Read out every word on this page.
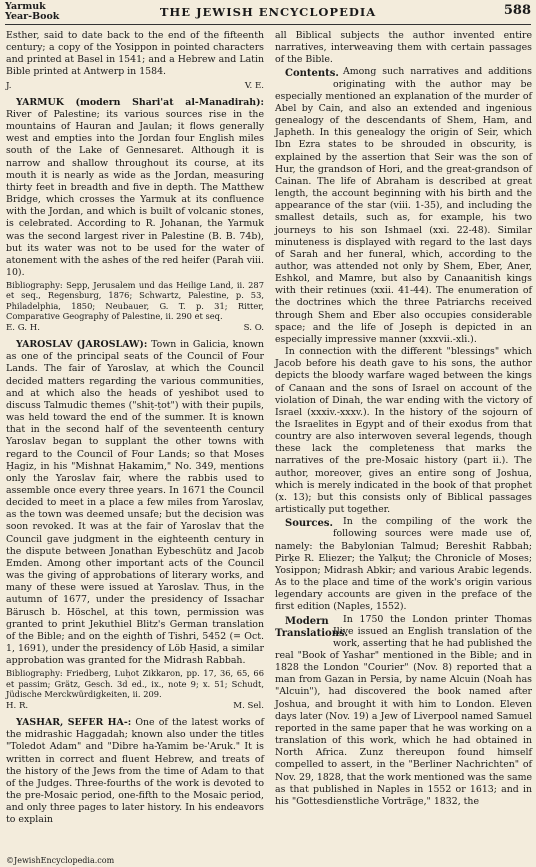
Yarmuk
Year-Book	THE JEWISH ENCYCLOPEDIA	588

Esther, said to date back to the end of the fifteenth century; a copy of the Yosippon in pointed characters and printed at Basel in 1541; and a Hebrew and Latin Bible printed at Antwerp in 1584.

J.	V. E.

YARMUK (modern Shari'at al-Manadirah): River of Palestine; its various sources rise in the mountains of Hauran and Jaulan; it flows generally west and empties into the Jordan four English miles south of the Lake of Gennesaret. Although it is narrow and shallow throughout its course, at its mouth it is nearly as wide as the Jordan, measuring thirty feet in breadth and five in depth. The Matthew Bridge, which crosses the Yarmuk at its confluence with the Jordan, and which is built of volcanic stones, is celebrated. According to R. Johanan, the Yarmuk was the second largest river in Palestine (B. B. 74b), but its water was not to be used for the water of atonement with the ashes of the red heifer (Parah viii. 10).

Bibliography: Sepp, Jerusalem und das Heilige Land, ii. 287 et seq., Regensburg, 1876; Schwartz, Palestine, p. 53, Philadelphia, 1850; Neubauer, G. T. p. 31; Ritter, Comparative Geography of Palestine, ii. 290 et seq.

E. G. H.	S. O.

YAROSLAV (JAROSLAW): Town in Galicia, known as one of the principal seats of the Council of Four Lands. The fair of Yaroslav, at which the Council decided matters regarding the various communities, and at which also the heads of yeshibot used to discuss Talmudic themes ("shiṭ-ṭot") with their pupils, was held toward the end of the summer. It is known that in the second half of the seventeenth century Yaroslav began to supplant the other towns with regard to the Council of Four Lands; so that Moses Ḥagiz, in his "Mishnat Ḥakamim," No. 349, mentions only the Yaroslav fair, where the rabbis used to assemble once every three years. In 1671 the Council decided to meet in a place a few miles from Yaroslav, as the town was deemed unsafe; but the decision was soon revoked. It was at the fair of Yaroslav that the Council gave judgment in the eighteenth century in the dispute between Jonathan Eybeschütz and Jacob Emden. Among other important acts of the Council was the giving of approbations of literary works, and many of these were issued at Yaroslav. Thus, in the autumn of 1677, under the presidency of Issachar Bärusch b. Höschel, at this town, permission was granted to print Jekuthiel Blitz's German translation of the Bible; and on the eighth of Tishri, 5452 (= Oct. 1, 1691), under the presidency of Löb Ḥasid, a similar approbation was granted for the Midrash Rabbah.

Bibliography: Friedberg, Luḥot Zikkaron, pp. 17, 36, 65, 66 et passim; Grätz, Gesch. 3d ed., ix., note 9; x. 51; Schudt, Jüdische Merckwürdigkeiten, ii. 209.

H. R.	M. Sel.

YASHAR, SEFER HA-: One of the latest works of the midrashic Haggadah; known also under the titles "Toledot Adam" and "Dibre ha-Yamim be-'Aruk." It is written in correct and fluent Hebrew, and treats of the history of the Jews from the time of Adam to that of the Judges. Three-fourths of the work is devoted to the pre-Mosaic period, one-fifth to the Mosaic period, and only three pages to later history. In his endeavors to explain

all Biblical subjects the author invented entire narratives, interweaving them with certain passages of the Bible.

Contents. Among such narratives and additions originating with the author may be especially mentioned an explanation of the murder of Abel by Cain, and also an extended and ingenious genealogy of the descendants of Shem, Ham, and Japheth. In this genealogy the origin of Seir, which Ibn Ezra states to be shrouded in obscurity, is explained by the assertion that Seir was the son of Hur, the grandson of Hori, and the great-grandson of Cainan. The life of Abraham is described at great length, the account beginning with his birth and the appearance of the star (viii. 1-35), and including the smallest details, such as, for example, his two journeys to his son Ishmael (xxi. 22-48). Similar minuteness is displayed with regard to the last days of Sarah and her funeral, which, according to the author, was attended not only by Shem, Eber, Aner, Eshkol, and Mamre, but also by Canaanitish kings with their retinues (xxii. 41-44). The enumeration of the doctrines which the three Patriarchs received through Shem and Eber also occupies considerable space; and the life of Joseph is depicted in an especially impressive manner (xxxvii.-xli.).

In connection with the different "blessings" which Jacob before his death gave to his sons, the author depicts the bloody warfare waged between the kings of Canaan and the sons of Israel on account of the violation of Dinah, the war ending with the victory of Israel (xxxiv.-xxxv.). In the history of the sojourn of the Israelites in Egypt and of their exodus from that country are also interwoven several legends, though these lack the completeness that marks the narratives of the pre-Mosaic history (part ii.). The author, moreover, gives an entire song of Joshua, which is merely indicated in the book of that prophet (x. 13); but this consists only of Biblical passages artistically put together.

Sources. In the compiling of the work the following sources were made use of, namely: the Babylonian Talmud; Bereshit Rabbah; Pirḳe R. Eliezer; the Yalḳuṭ; the Chronicle of Moses; Yosippon; Midrash Abkir; and various Arabic legends. As to the place and time of the work's origin various legendary accounts are given in the preface of the first edition (Naples, 1552).

Modern Translations.
In 1750 the London printer Thomas Ilive issued an English translation of the work, asserting that he had published the real "Book of Yashar" mentioned in the Bible; and in 1828 the London "Courier" (Nov. 8) reported that a man from Gazan in Persia, by name Alcuin (Noah has "Alcuin"), had discovered the book named after Joshua, and brought it with him to London. Eleven days later (Nov. 19) a Jew of Liverpool named Samuel reported in the same paper that he was working on a translation of this work, which he had obtained in North Africa. Zunz thereupon found himself compelled to assert, in the "Berliner Nachrichten" of Nov. 29, 1828, that the work mentioned was the same as that published in Naples in 1552 or 1613; and in his "Gottesdienstliche Vorträge," 1832, the

©JewishEncyclopedia.com
